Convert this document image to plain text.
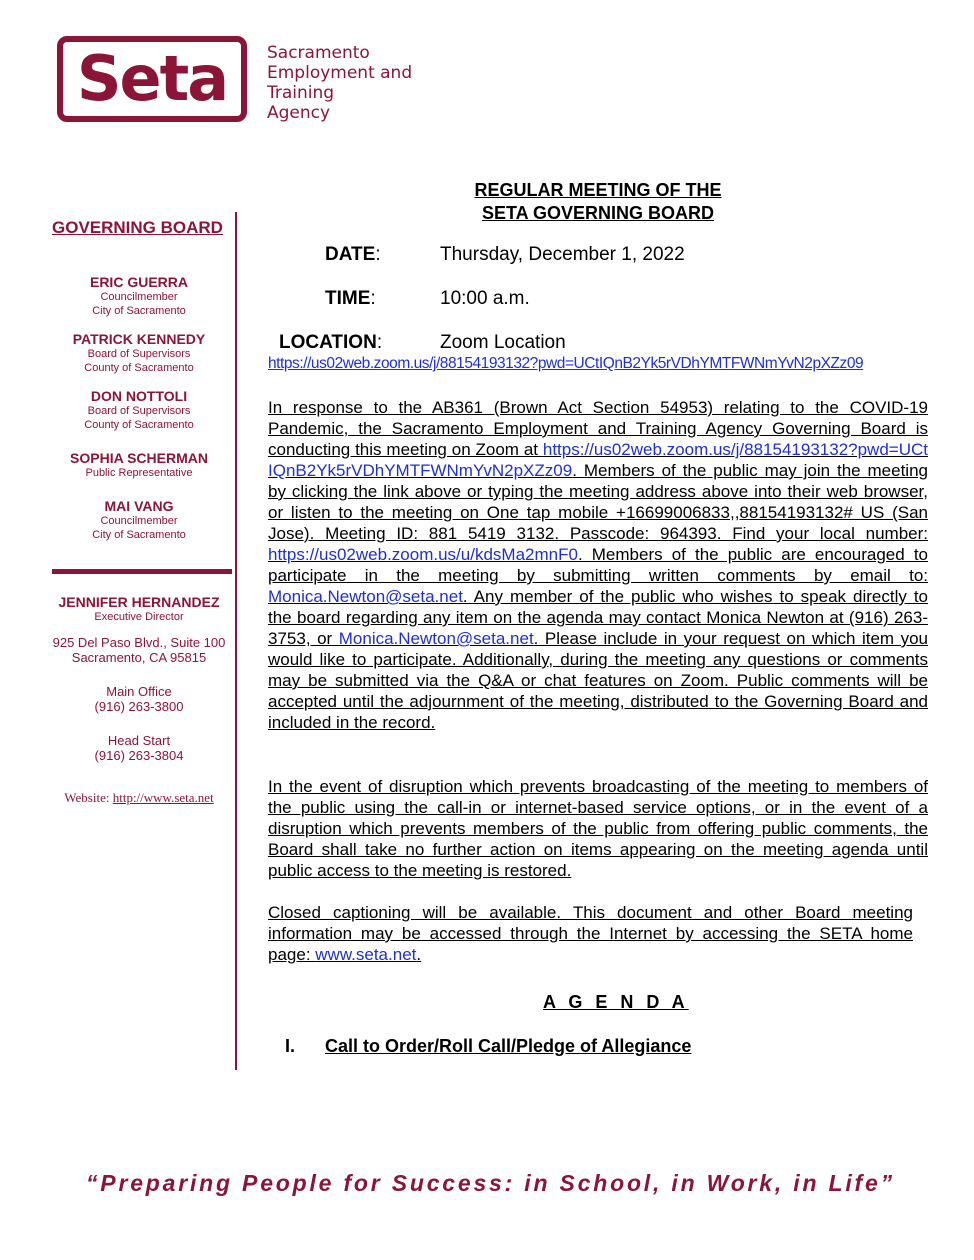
Seta Sacramento
Employment and
Training
Agency
GOVERNING BOARD
ERIC GUERRA
Councilmember
City of Sacramento
PATRICK KENNEDY
Board of Supervisors
County of Sacramento
DON NOTTOLI
Board of Supervisors
County of Sacramento
SOPHIA SCHERMAN
Public Representative
MAI VANG
Councilmember
City of Sacramento
JENNIFER HERNANDEZ
Executive Director
925 Del Paso Blvd., Suite 100
Sacramento, CA 95815
Main Office
(916) 263-3800
Head Start
(916) 263-3804
Website: http://www.seta.net
REGULAR MEETING OF THE
SETA GOVERNING BOARD
DATE:	Thursday, December 1, 2022
TIME:	10:00 a.m.
LOCATION:	Zoom Location
https://us02web.zoom.us/j/88154193132?pwd=UCtIQnB2Yk5rVDhYMTFWNmYvN2pXZz09
In response to the AB361 (Brown Act Section 54953) relating to the COVID-19 Pandemic, the Sacramento Employment and Training Agency Governing Board is conducting this meeting on Zoom at https://us02web.zoom.us/j/88154193132?pwd=UCtIQnB2Yk5rVDhYMTFWNmYvN2pXZz09. Members of the public may join the meeting by clicking the link above or typing the meeting address above into their web browser, or listen to the meeting on One tap mobile +16699006833,,88154193132# US (San Jose). Meeting ID: 881 5419 3132. Passcode: 964393. Find your local number: https://us02web.zoom.us/u/kdsMa2mnF0. Members of the public are encouraged to participate in the meeting by submitting written comments by email to: Monica.Newton@seta.net. Any member of the public who wishes to speak directly to the board regarding any item on the agenda may contact Monica Newton at (916) 263-3753, or Monica.Newton@seta.net. Please include in your request on which item you would like to participate. Additionally, during the meeting any questions or comments may be submitted via the Q&A or chat features on Zoom. Public comments will be accepted until the adjournment of the meeting, distributed to the Governing Board and included in the record.
In the event of disruption which prevents broadcasting of the meeting to members of the public using the call-in or internet-based service options, or in the event of a disruption which prevents members of the public from offering public comments, the Board shall take no further action on items appearing on the meeting agenda until public access to the meeting is restored.
Closed captioning will be available. This document and other Board meeting information may be accessed through the Internet by accessing the SETA home page: www.seta.net.
A G E N D A
I. Call to Order/Roll Call/Pledge of Allegiance
“Preparing People for Success: in School, in Work, in Life”
